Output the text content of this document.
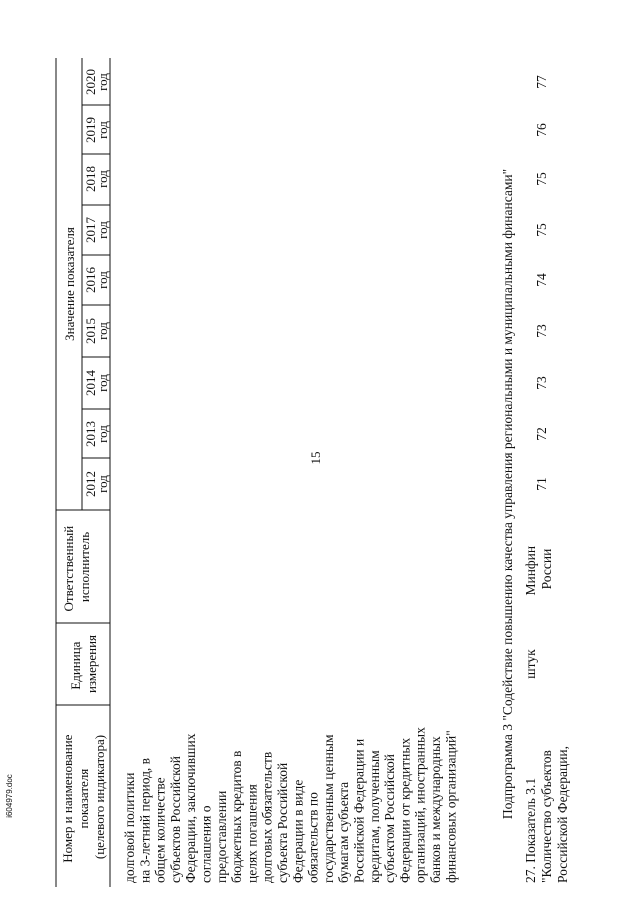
15
Номер и наименование показателя (целевого индикатора)
Единица измерения
Ответственный исполнитель
Значение показателя
2012год
2013год
2014год
2015год
2016год
2017год
2018год
2019год
2020год
долговой политики на 3-летний период, в общем количестве субъектов Российской Федерации, заключивших соглашения о предоставлении бюджетных кредитов в целях погашения долговых обязательств субъекта Российской Федерации в виде обязательств по государственным ценным бумагам субъекта Российской Федерации и кредитам, полученным субъектом Российской Федерации от кредитных организаций, иностранных банков и международных финансовых организаций"	Подпрограмма 3 "Содействие повышению качества управления региональными и муниципальными финансами"
27. Показатель 3.1 "Количество субъектов Российской Федерации,
штук
Минфин России
71
72
73
73
74
75
75
76
77
i604979.doc
